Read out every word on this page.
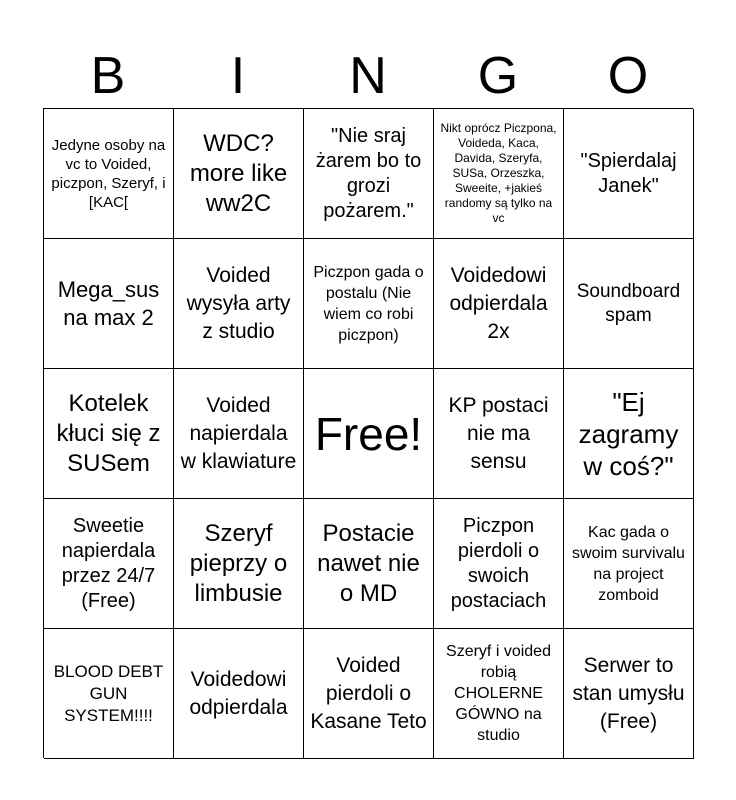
B	I	N	G	O
Jedyne osoby na vc to Voided, piczpon, Szeryf, i [KAC[
WDC? more like ww2C
"Nie sraj żarem bo to grozi pożarem."
Nikt oprócz Piczpona, Voideda, Kaca, Davida, Szeryfa, SUSa, Orzeszka, Sweeite, +jakieś randomy są tylko na vc
"Spierdalaj Janek"
Mega_sus na max 2
Voided wysyła arty z studio
Piczpon gada o postalu (Nie wiem co robi piczpon)
Voidedowi odpierdala 2x
Soundboard spam
Kotelek kłuci się z SUSem
Voided napierdala w klawiature
Free!
KP postaci nie ma sensu
"Ej zagramy w coś?"
Sweetie napierdala przez 24/7 (Free)
Szeryf pieprzy o limbusie
Postacie nawet nie o MD
Piczpon pierdoli o swoich postaciach
Kac gada o swoim survivalu na project zomboid
BLOOD DEBT GUN SYSTEM!!!!
Voidedowi odpierdala
Voided pierdoli o Kasane Teto
Szeryf i voided robią CHOLERNE GÓWNO na studio
Serwer to stan umysłu (Free)
